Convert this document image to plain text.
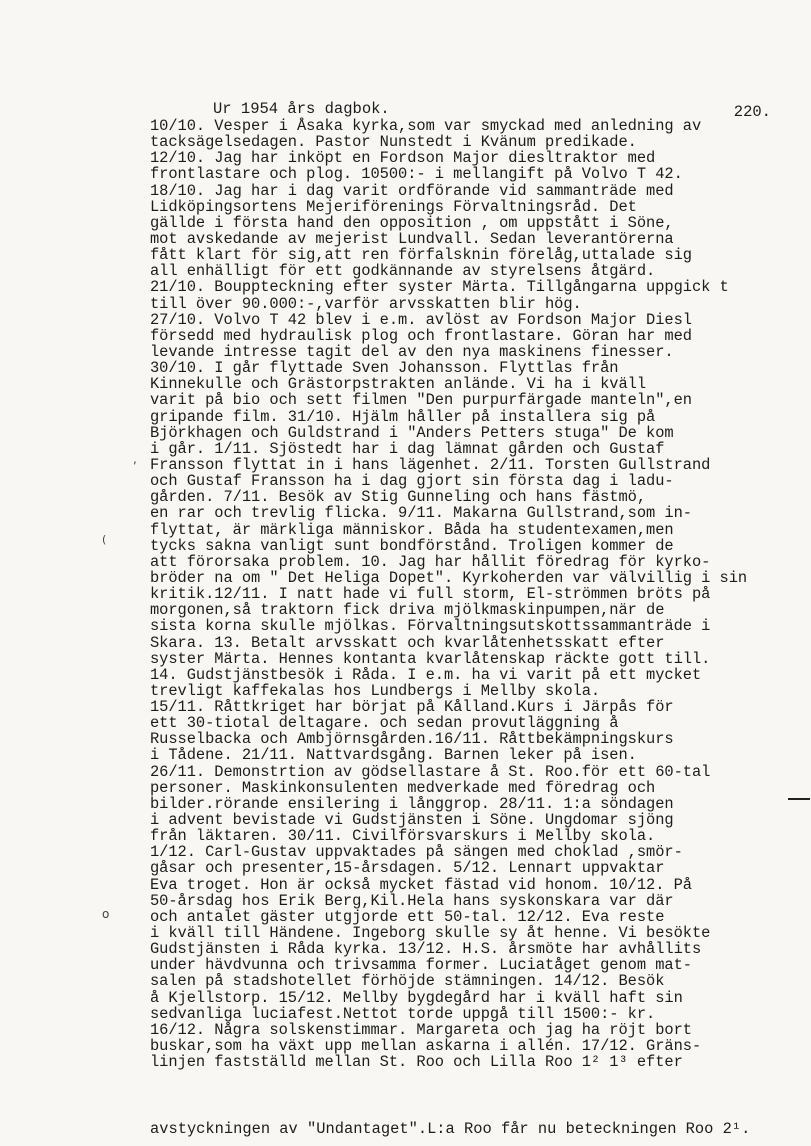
Ur 1954 års dagbok.	220.
10/10. Vesper i Åsaka kyrka,som var smyckad med anledning av
tacksägelsedagen. Pastor Nunstedt i Kvänum predikade.
12/10. Jag har inköpt en Fordson Major diesltraktor med
frontlastare och plog. 10500:- i mellangift på Volvo T 42.
18/10. Jag har i dag varit ordförande vid sammanträde med
Lidköpingsortens Mejeriförenings Förvaltningsråd. Det
gällde i första hand den opposition , om uppstått i Söne,
mot avskedande av mejerist Lundvall. Sedan leverantörerna
fått klart för sig,att ren förfalsknin förelåg,uttalade sig
all enhälligt för ett godkännande av styrelsens åtgärd.
21/10. Bouppteckning efter syster Märta. Tillgångarna uppgick t
till över 90.000:-,varför arvsskatten blir hög.
27/10. Volvo T 42 blev i e.m. avlöst av Fordson Major Diesl
försedd med hydraulisk plog och frontlastare. Göran har med
levande intresse tagit del av den nya maskinens finesser.
30/10. I går flyttade Sven Johansson. Flyttlas från
Kinnekulle och Grästorpstrakten anlände. Vi ha i kväll
varit på bio och sett filmen "Den purpurfärgade manteln",en
gripande film. 31/10. Hjälm håller på installera sig på
Björkhagen och Guldstrand i "Anders Petters stuga" De kom
i går. 1/11. Sjöstedt har i dag lämnat gården och Gustaf
Fransson flyttat in i hans lägenhet. 2/11. Torsten Gullstrand
och Gustaf Fransson ha i dag gjort sin första dag i ladu-
gården. 7/11. Besök av Stig Gunneling och hans fästmö,
en rar och trevlig flicka. 9/11. Makarna Gullstrand,som in-
flyttat, är märkliga människor. Båda ha studentexamen,men
tycks sakna vanligt sunt bondförstånd. Troligen kommer de
att förorsaka problem. 10. Jag har hållit föredrag för kyrko-
bröder na om " Det Heliga Dopet". Kyrkoherden var välvillig i sin
kritik.12/11. I natt hade vi full storm, El-strömmen bröts på
morgonen,så traktorn fick driva mjölkmaskinpumpen,när de
sista korna skulle mjölkas. Förvaltningsutskottssammanträde i
Skara. 13. Betalt arvsskatt och kvarlåtenhetsskatt efter
syster Märta. Hennes kontanta kvarlåtenskap räckte gott till.
14. Gudstjänstbesök i Råda. I e.m. ha vi varit på ett mycket
trevligt kaffekalas hos Lundbergs i Mellby skola.
15/11. Råttkriget har börjat på Kålland.Kurs i Järpås för
ett 30-tiotal deltagare. och sedan provutläggning å
Russelbacka och Ambjörnsgården.16/11. Råttbekämpningskurs
i Tådene. 21/11. Nattvardsgång. Barnen leker på isen.
26/11. Demonstrtion av gödsellastare å St. Roo.för ett 60-tal
personer. Maskinkonsulenten medverkade med föredrag och
bilder.rörande ensilering i långgrop. 28/11. 1:a söndagen
i advent bevistade vi Gudstjänsten i Söne. Ungdomar sjöng
från läktaren. 30/11. Civilförsvarskurs i Mellby skola.
1/12. Carl-Gustav uppvaktades på sängen med choklad ,smör-
gåsar och presenter,15-årsdagen. 5/12. Lennart uppvaktar
Eva troget. Hon är också mycket fästad vid honom. 10/12. På
50-årsdag hos Erik Berg,Kil.Hela hans syskonskara var där
och antalet gäster utgjorde ett 50-tal. 12/12. Eva reste
i kväll till Händene. Ingeborg skulle sy åt henne. Vi besökte
Gudstjänsten i Råda kyrka. 13/12. H.S. årsmöte har avhållits
under hävdvunna och trivsamma former. Luciatåget genom mat-
salen på stadshotellet förhöjde stämningen. 14/12. Besök
å Kjellstorp. 15/12. Mellby bygdegård har i kväll haft sin
sedvanliga luciafest.Nettot torde uppgå till 1500:- kr.
16/12. Några solskenstimmar. Margareta och jag ha röjt bort
buskar,som ha växt upp mellan askarna i allén. 17/12. Gräns-
linjen fastställd mellan St. Roo och Lilla Roo 1² 1³ efter
avstyckningen av "Undantaget".L:a Roo får nu beteckningen Roo 2¹.
,
(
o
